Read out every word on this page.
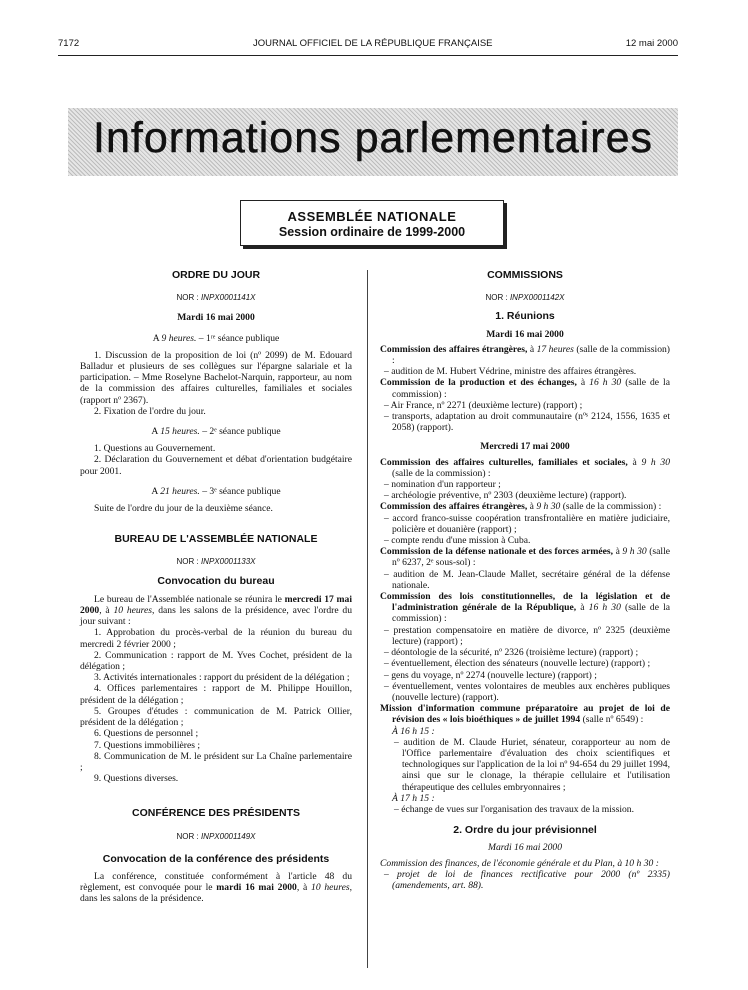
7172	JOURNAL OFFICIEL DE LA RÉPUBLIQUE FRANÇAISE	12 mai 2000
Informations parlementaires
ASSEMBLÉE NATIONALE
Session ordinaire de 1999-2000
ORDRE DU JOUR
NOR : INPX0001141X
Mardi 16 mai 2000
A 9 heures. – 1ʳᵉ séance publique

1. Discussion de la proposition de loi (nº 2099) de M. Edouard Balladur et plusieurs de ses collègues sur l'épargne salariale et la participation. – Mme Roselyne Bachelot-Narquin, rapporteur, au nom de la commission des affaires culturelles, familiales et sociales (rapport nº 2367).

2. Fixation de l'ordre du jour.

A 15 heures. – 2ᵉ séance publique

1. Questions au Gouvernement.

2. Déclaration du Gouvernement et débat d'orientation budgétaire pour 2001.

A 21 heures. – 3ᵉ séance publique

Suite de l'ordre du jour de la deuxième séance.

BUREAU DE L'ASSEMBLÉE NATIONALE
NOR : INPX0001133X
Convocation du bureau

Le bureau de l'Assemblée nationale se réunira le mercredi 17 mai 2000, à 10 heures, dans les salons de la présidence, avec l'ordre du jour suivant :

1. Approbation du procès-verbal de la réunion du bureau du mercredi 2 février 2000 ;

2. Communication : rapport de M. Yves Cochet, président de la délégation ;

3. Activités internationales : rapport du président de la délégation ;

4. Offices parlementaires : rapport de M. Philippe Houillon, président de la délégation ;

5. Groupes d'études : communication de M. Patrick Ollier, président de la délégation ;

6. Questions de personnel ;

7. Questions immobilières ;

8. Communication de M. le président sur La Chaîne parlementaire ;

9. Questions diverses.

CONFÉRENCE DES PRÉSIDENTS
NOR : INPX0001149X
Convocation de la conférence des présidents

La conférence, constituée conformément à l'article 48 du règlement, est convoquée pour le mardi 16 mai 2000, à 10 heures, dans les salons de la présidence.

COMMISSIONS
NOR : INPX0001142X
1. Réunions
Mardi 16 mai 2000

Commission des affaires étrangères, à 17 heures (salle de la commission) :

– audition de M. Hubert Védrine, ministre des affaires étrangères.

Commission de la production et des échanges, à 16 h 30 (salle de la commission) :

– Air France, nº 2271 (deuxième lecture) (rapport) ;

– transports, adaptation au droit communautaire (nºˢ 2124, 1556, 1635 et 2058) (rapport).

Mercredi 17 mai 2000

Commission des affaires culturelles, familiales et sociales, à 9 h 30 (salle de la commission) :

– nomination d'un rapporteur ;

– archéologie préventive, nº 2303 (deuxième lecture) (rapport).

Commission des affaires étrangères, à 9 h 30 (salle de la commission) :

– accord franco-suisse coopération transfrontalière en matière judiciaire, policière et douanière (rapport) ;

– compte rendu d'une mission à Cuba.

Commission de la défense nationale et des forces armées, à 9 h 30 (salle nº 6237, 2ᵉ sous-sol) :

– audition de M. Jean-Claude Mallet, secrétaire général de la défense nationale.

Commission des lois constitutionnelles, de la législation et de l'administration générale de la République, à 16 h 30 (salle de la commission) :

– prestation compensatoire en matière de divorce, nº 2325 (deuxième lecture) (rapport) ;

– déontologie de la sécurité, nº 2326 (troisième lecture) (rapport) ;

– éventuellement, élection des sénateurs (nouvelle lecture) (rapport) ;

– gens du voyage, nº 2274 (nouvelle lecture) (rapport) ;

– éventuellement, ventes volontaires de meubles aux enchères publiques (nouvelle lecture) (rapport).

Mission d'information commune préparatoire au projet de loi de révision des « lois bioéthiques » de juillet 1994 (salle nº 6549) :

À 16 h 15 :

– audition de M. Claude Huriet, sénateur, corapporteur au nom de l'Office parlementaire d'évaluation des choix scientifiques et technologiques sur l'application de la loi nº 94-654 du 29 juillet 1994, ainsi que sur le clonage, la thérapie cellulaire et l'utilisation thérapeutique des cellules embryonnaires ;

À 17 h 15 :

– échange de vues sur l'organisation des travaux de la mission.

2. Ordre du jour prévisionnel
Mardi 16 mai 2000

Commission des finances, de l'économie générale et du Plan, à 10 h 30 :

– projet de loi de finances rectificative pour 2000 (nº 2335) (amendements, art. 88).
